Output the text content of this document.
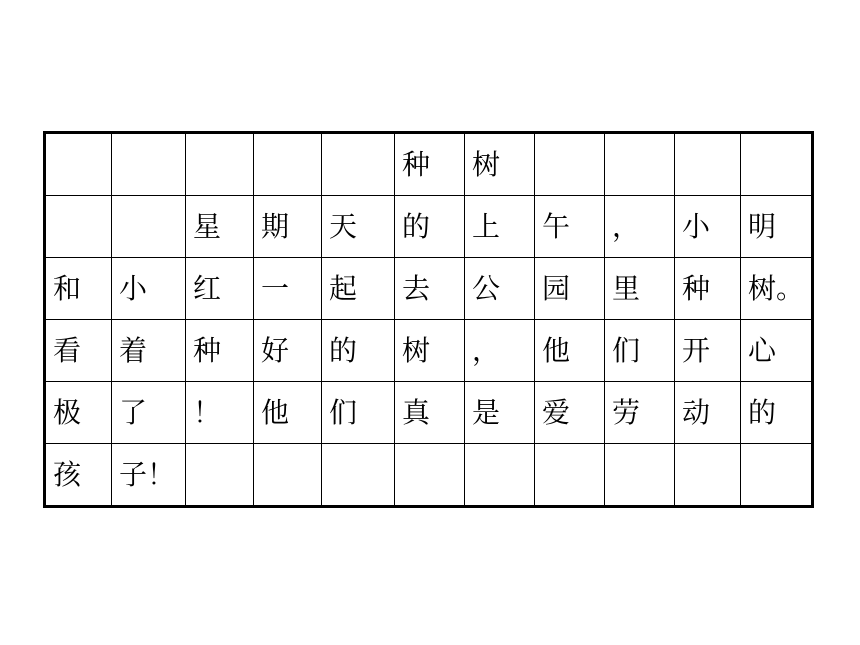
					种	树				
		星	期	天	的	上	午	，	小	明
和	小	红	一	起	去	公	园	里	种	树。
看	着	种	好	的	树	，	他	们	开	心
极	了	！	他	们	真	是	爱	劳	动	的
孩	子！									
